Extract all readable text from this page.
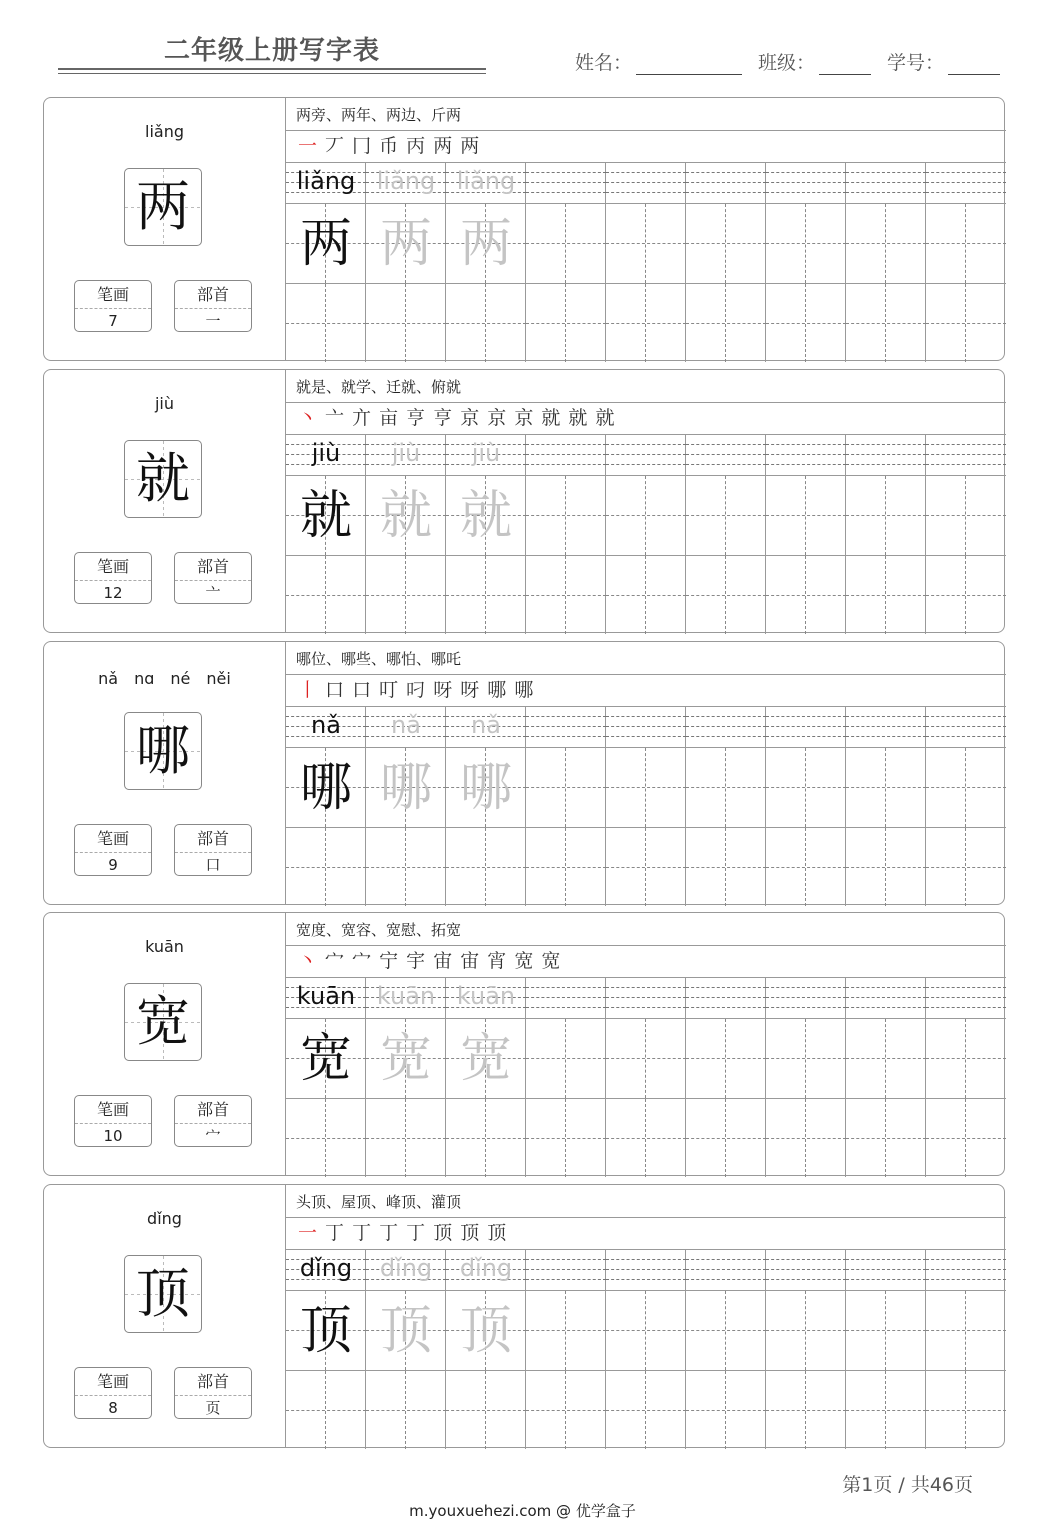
二年级上册写字表	姓名：	班级：	学号：
liǎng
两
笔画
7
部首
一
两旁、两年、两边、斤两
一 丆 冂 币 丙 两 两
liǎng
两
liǎng
两
liǎng
两
jiù
就
笔画
12
部首
亠
就是、就学、迁就、俯就
丶 亠 亣 亩 亨 亨 京 京 京 就 就 就
jiù
就
jiù
就
jiù
就
nǎ　nɑ　né　něi
哪
笔画
9
部首
口
哪位、哪些、哪怕、哪吒
丨 口 口 叮 叼 呀 呀 哪 哪
nǎ
哪
nǎ
哪
nǎ
哪
kuān
宽
笔画
10
部首
宀
宽度、宽容、宽慰、拓宽
丶 宀 宀 宁 宇 宙 宙 宵 宽 宽
kuān
宽
kuān
宽
kuān
宽
dǐng
顶
笔画
8
部首
页
头顶、屋顶、峰顶、灌顶
一 丁 丁 丁 丁 顶 顶 顶
dǐng
顶
dǐng
顶
dǐng
顶
第1页 / 共46页
m.youxuehezi.com @ 优学盒子
